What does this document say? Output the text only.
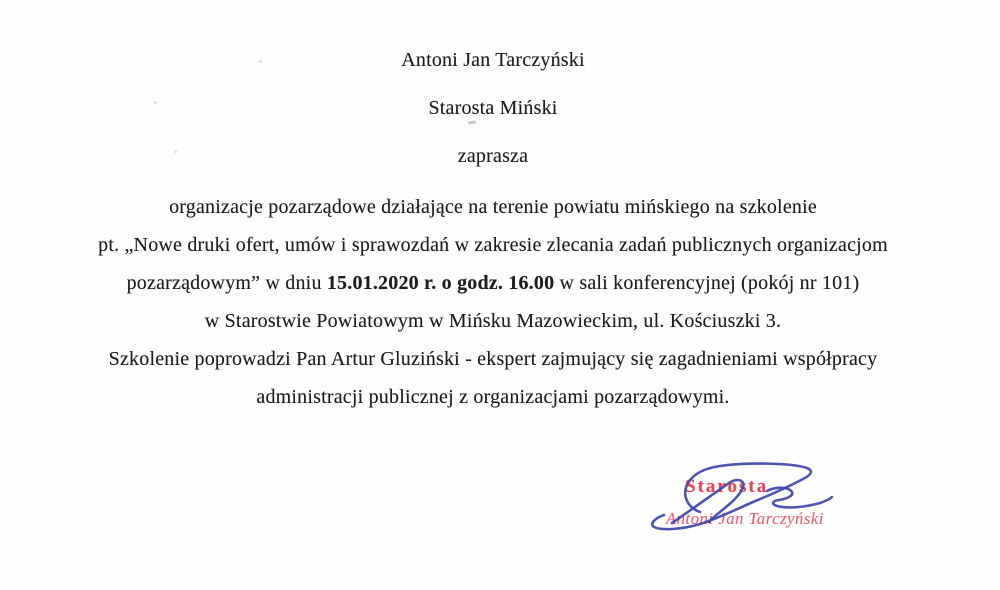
Antoni Jan Tarczyński
Starosta Miński
zaprasza
organizacje pozarządowe działające na terenie powiatu mińskiego na szkolenie
pt. „Nowe druki ofert, umów i sprawozdań w zakresie zlecania zadań publicznych organizacjom
pozarządowym” w dniu 15.01.2020 r. o godz. 16.00 w sali konferencyjnej (pokój nr 101)
w Starostwie Powiatowym w Mińsku Mazowieckim, ul. Kościuszki 3.
Szkolenie poprowadzi Pan Artur Gluziński - ekspert zajmujący się zagadnieniami współpracy
administracji publicznej z organizacjami pozarządowymi.
Starosta
Antoni Jan Tarczyński
